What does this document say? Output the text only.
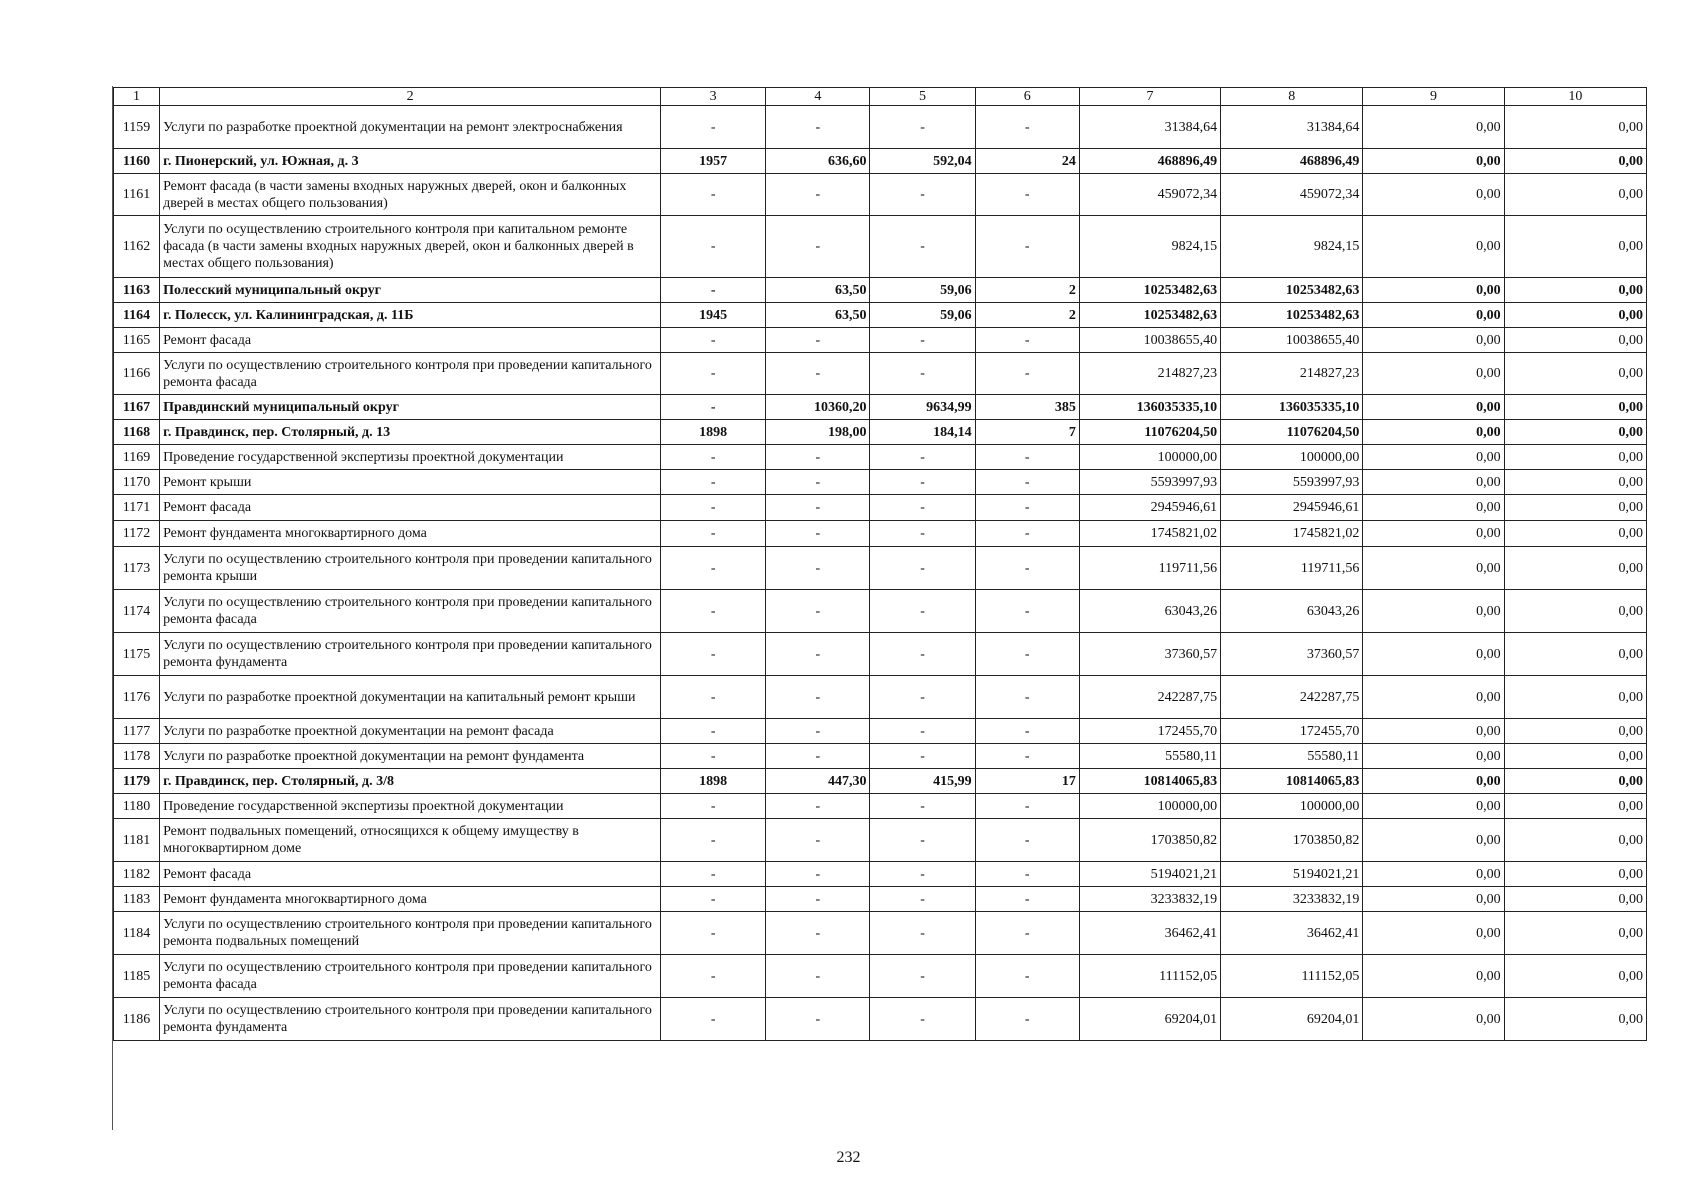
1	2	3	4	5	6	7	8	9	10
1159	Услуги по разработке проектной документации на ремонт электроснабжения	-	-	-	-	31384,64	31384,64	0,00	0,00
1160	г. Пионерский, ул. Южная, д. 3	1957	636,60	592,04	24	468896,49	468896,49	0,00	0,00
1161	Ремонт фасада (в части замены входных наружных дверей, окон и балконных дверей в местах общего пользования)	-	-	-	-	459072,34	459072,34	0,00	0,00
1162	Услуги по осуществлению строительного контроля при капитальном ремонте фасада (в части замены входных наружных дверей, окон и балконных дверей в местах общего пользования)	-	-	-	-	9824,15	9824,15	0,00	0,00
1163	Полесский муниципальный округ	-	63,50	59,06	2	10253482,63	10253482,63	0,00	0,00
1164	г. Полесск, ул. Калининградская, д. 11Б	1945	63,50	59,06	2	10253482,63	10253482,63	0,00	0,00
1165	Ремонт фасада	-	-	-	-	10038655,40	10038655,40	0,00	0,00
1166	Услуги по осуществлению строительного контроля при проведении капитального ремонта фасада	-	-	-	-	214827,23	214827,23	0,00	0,00
1167	Правдинский муниципальный округ	-	10360,20	9634,99	385	136035335,10	136035335,10	0,00	0,00
1168	г. Правдинск, пер. Столярный, д. 13	1898	198,00	184,14	7	11076204,50	11076204,50	0,00	0,00
1169	Проведение государственной экспертизы проектной документации	-	-	-	-	100000,00	100000,00	0,00	0,00
1170	Ремонт крыши	-	-	-	-	5593997,93	5593997,93	0,00	0,00
1171	Ремонт фасада	-	-	-	-	2945946,61	2945946,61	0,00	0,00
1172	Ремонт фундамента многоквартирного дома	-	-	-	-	1745821,02	1745821,02	0,00	0,00
1173	Услуги по осуществлению строительного контроля при проведении капитального ремонта крыши	-	-	-	-	119711,56	119711,56	0,00	0,00
1174	Услуги по осуществлению строительного контроля при проведении капитального ремонта фасада	-	-	-	-	63043,26	63043,26	0,00	0,00
1175	Услуги по осуществлению строительного контроля при проведении капитального ремонта фундамента	-	-	-	-	37360,57	37360,57	0,00	0,00
1176	Услуги по разработке проектной документации на капитальный ремонт крыши	-	-	-	-	242287,75	242287,75	0,00	0,00
1177	Услуги по разработке проектной документации на ремонт фасада	-	-	-	-	172455,70	172455,70	0,00	0,00
1178	Услуги по разработке проектной документации на ремонт фундамента	-	-	-	-	55580,11	55580,11	0,00	0,00
1179	г. Правдинск, пер. Столярный, д. 3/8	1898	447,30	415,99	17	10814065,83	10814065,83	0,00	0,00
1180	Проведение государственной экспертизы проектной документации	-	-	-	-	100000,00	100000,00	0,00	0,00
1181	Ремонт подвальных помещений, относящихся к общему имуществу в многоквартирном доме	-	-	-	-	1703850,82	1703850,82	0,00	0,00
1182	Ремонт фасада	-	-	-	-	5194021,21	5194021,21	0,00	0,00
1183	Ремонт фундамента многоквартирного дома	-	-	-	-	3233832,19	3233832,19	0,00	0,00
1184	Услуги по осуществлению строительного контроля при проведении капитального ремонта подвальных помещений	-	-	-	-	36462,41	36462,41	0,00	0,00
1185	Услуги по осуществлению строительного контроля при проведении капитального ремонта фасада	-	-	-	-	111152,05	111152,05	0,00	0,00
1186	Услуги по осуществлению строительного контроля при проведении капитального ремонта фундамента	-	-	-	-	69204,01	69204,01	0,00	0,00
232
